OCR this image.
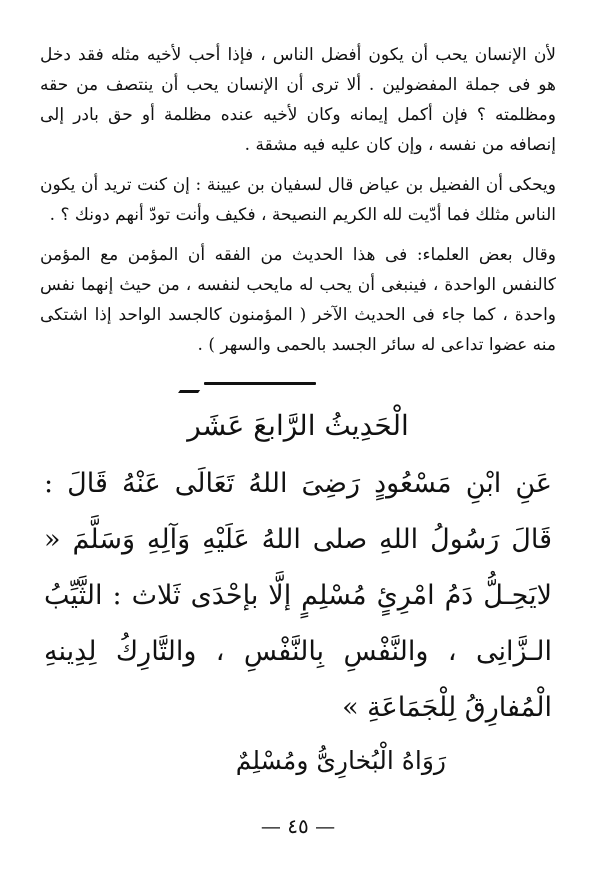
لأن الإنسان يحب أن يكون أفضل الناس ، فإذا أحب لأخيه مثله فقد دخل هو فى جملة المفضولين . ألا ترى أن الإنسان يحب أن ينتصف من حقه ومظلمته ؟ فإن أكمل إيمانه وكان لأخيه عنده مظلمة أو حق بادر إلى إنصافه من نفسه ، وإن كان عليه فيه مشقة .

ويحكى أن الفضيل بن عياض قال لسفيان بن عيينة : إن كنت تريد أن يكون الناس مثلك فما أدّيت لله الكريم النصيحة ، فكيف وأنت تودّ أنهم دونك ؟ .

وقال بعض العلماء: فى هذا الحديث من الفقه أن المؤمن مع المؤمن كالنفس الواحدة ، فينبغى أن يحب له مايحب لنفسه ، من حيث إنهما نفس واحدة ، كما جاء فى الحديث الآخر ( المؤمنون كالجسد الواحد إذا اشتكى منه عضوا تداعى له سائر الجسد بالحمى والسهر ) .

الْحَدِيثُ الرَّابعَ عَشَر

عَنِ ابْنِ مَسْعُودٍ رَضِىَ اللهُ تَعَالَى عَنْهُ قَالَ : قَالَ رَسُولُ اللهِ صلى اللهُ عَلَيْهِ وَآلِهِ وَسَلَّمَ « لايَحِـلُّ دَمُ امْرِئٍ مُسْلِمٍ إلَّا بإحْدَى ثَلاث : الثَّيِّبُ الـزَّانِى ، والنَّفْسِ بِالنَّفْسِ ، والتَّارِكُ لِدِينهِ الْمُفارِقُ لِلْجَمَاعَةِ »

رَوَاهُ الْبُخارِىُّ ومُسْلِمٌ

— ٤٥ —
